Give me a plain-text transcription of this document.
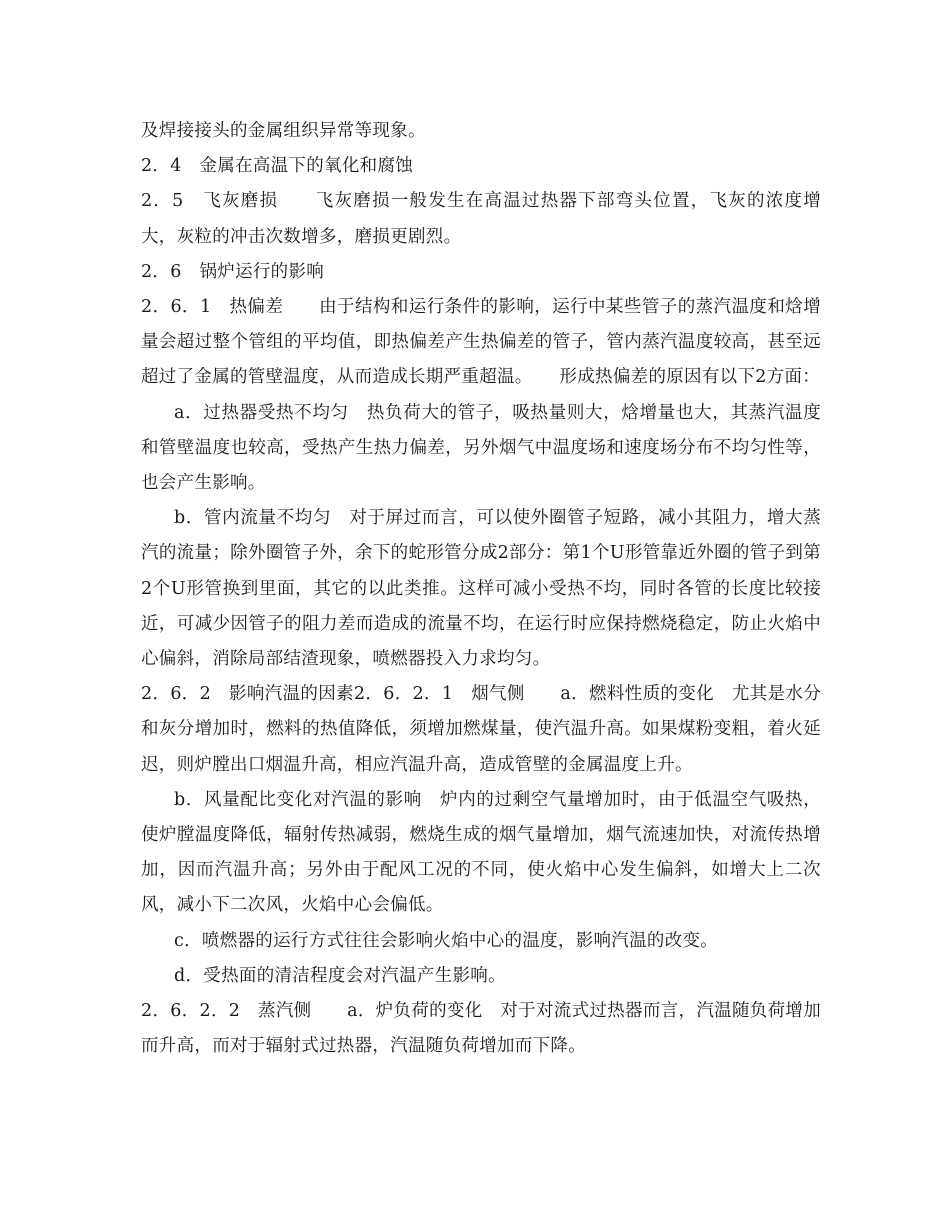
及焊接接头的金属组织异常等现象。

2．4　金属在高温下的氧化和腐蚀

2．5　飞灰磨损　　飞灰磨损一般发生在高温过热器下部弯头位置，飞灰的浓度增大，灰粒的冲击次数增多，磨损更剧烈。

2．6　锅炉运行的影响

2．6．1　热偏差　　由于结构和运行条件的影响，运行中某些管子的蒸汽温度和焓增量会超过整个管组的平均值，即热偏差产生热偏差的管子，管内蒸汽温度较高，甚至远超过了金属的管壁温度，从而造成长期严重超温。　　形成热偏差的原因有以下2方面：

a．过热器受热不均匀　热负荷大的管子，吸热量则大，焓增量也大，其蒸汽温度和管壁温度也较高，受热产生热力偏差，另外烟气中温度场和速度场分布不均匀性等，也会产生影响。

b．管内流量不均匀　对于屏过而言，可以使外圈管子短路，减小其阻力，增大蒸汽的流量；除外圈管子外，余下的蛇形管分成2部分：第1个U形管靠近外圈的管子到第2个U形管换到里面，其它的以此类推。这样可减小受热不均，同时各管的长度比较接近，可减少因管子的阻力差而造成的流量不均，在运行时应保持燃烧稳定，防止火焰中心偏斜，消除局部结渣现象，喷燃器投入力求均匀。

2．6．2　影响汽温的因素2．6．2．1　烟气侧　　a．燃料性质的变化　尤其是水分和灰分增加时，燃料的热值降低，须增加燃煤量，使汽温升高。如果煤粉变粗，着火延迟，则炉膛出口烟温升高，相应汽温升高，造成管壁的金属温度上升。

b．风量配比变化对汽温的影响　炉内的过剩空气量增加时，由于低温空气吸热，使炉膛温度降低，辐射传热减弱，燃烧生成的烟气量增加，烟气流速加快，对流传热增加，因而汽温升高；另外由于配风工况的不同，使火焰中心发生偏斜，如增大上二次风，减小下二次风，火焰中心会偏低。

c．喷燃器的运行方式往往会影响火焰中心的温度，影响汽温的改变。

d．受热面的清洁程度会对汽温产生影响。

2．6．2．2　蒸汽侧　　a．炉负荷的变化　对于对流式过热器而言，汽温随负荷增加而升高，而对于辐射式过热器，汽温随负荷增加而下降。
